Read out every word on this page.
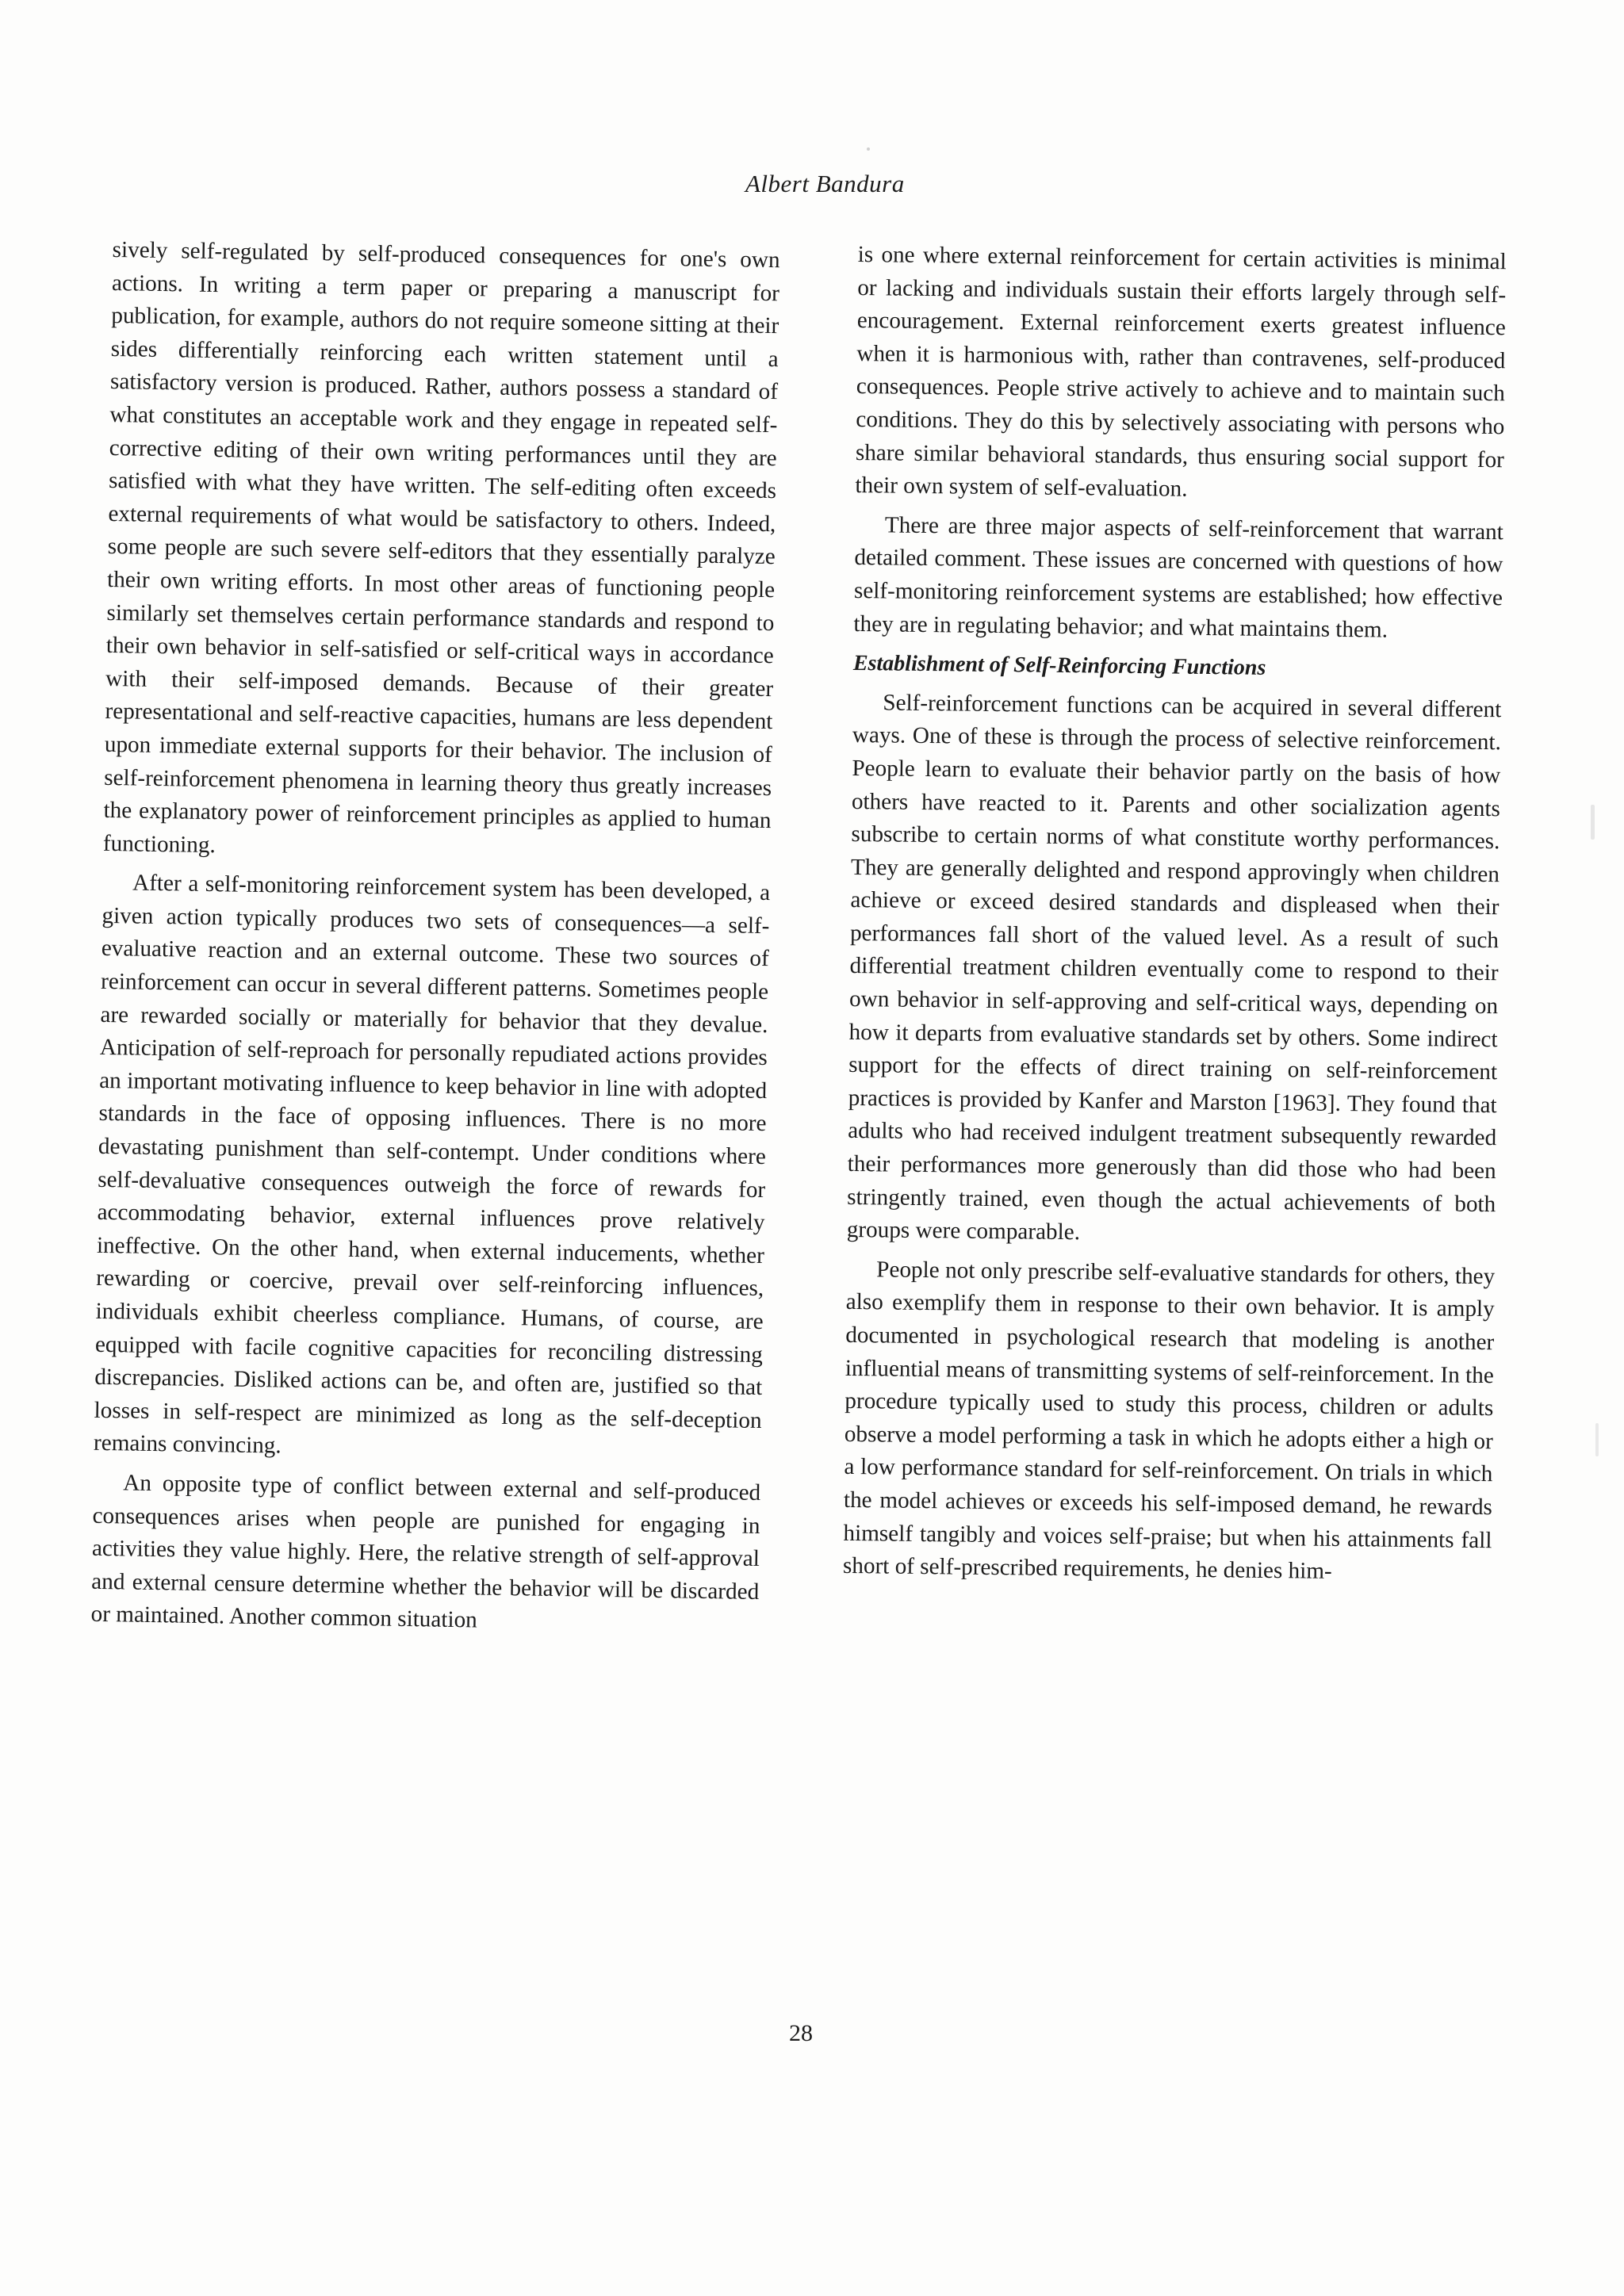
Albert Bandura

sively self-regulated by self-produced consequences for one's own actions. In writing a term paper or preparing a manuscript for publication, for example, authors do not require someone sitting at their sides differentially reinforcing each written statement until a satisfactory version is produced. Rather, authors possess a standard of what constitutes an acceptable work and they engage in repeated self-corrective editing of their own writing performances until they are satisfied with what they have written. The self-editing often exceeds external requirements of what would be satisfactory to others. Indeed, some people are such severe self-editors that they essentially paralyze their own writing efforts. In most other areas of functioning people similarly set themselves certain performance standards and respond to their own behavior in self-satisfied or self-critical ways in accordance with their self-imposed demands. Because of their greater representational and self-reactive capacities, humans are less dependent upon immediate external supports for their behavior. The inclusion of self-reinforcement phenomena in learning theory thus greatly increases the explanatory power of reinforcement principles as applied to human functioning.

After a self-monitoring reinforcement system has been developed, a given action typically produces two sets of consequences—a self-evaluative reaction and an external outcome. These two sources of reinforcement can occur in several different patterns. Sometimes people are rewarded socially or materially for behavior that they devalue. Anticipation of self-reproach for personally repudiated actions provides an important motivating influence to keep behavior in line with adopted standards in the face of opposing influences. There is no more devastating punishment than self-contempt. Under conditions where self-devaluative consequences outweigh the force of rewards for accommodating behavior, external influences prove relatively ineffective. On the other hand, when external inducements, whether rewarding or coercive, prevail over self-reinforcing influences, individuals exhibit cheerless compliance. Humans, of course, are equipped with facile cognitive capacities for reconciling distressing discrepancies. Disliked actions can be, and often are, justified so that losses in self-respect are minimized as long as the self-deception remains convincing.

An opposite type of conflict between external and self-produced consequences arises when people are punished for engaging in activities they value highly. Here, the relative strength of self-approval and external censure determine whether the behavior will be discarded or maintained. Another common situation

is one where external reinforcement for certain activities is minimal or lacking and individuals sustain their efforts largely through self-encouragement. External reinforcement exerts greatest influence when it is harmonious with, rather than contravenes, self-produced consequences. People strive actively to achieve and to maintain such conditions. They do this by selectively associating with persons who share similar behavioral standards, thus ensuring social support for their own system of self-evaluation.

There are three major aspects of self-reinforcement that warrant detailed comment. These issues are concerned with questions of how self-monitoring reinforcement systems are established; how effective they are in regulating behavior; and what maintains them.

Establishment of Self-Reinforcing Functions

Self-reinforcement functions can be acquired in several different ways. One of these is through the process of selective reinforcement. People learn to evaluate their behavior partly on the basis of how others have reacted to it. Parents and other socialization agents subscribe to certain norms of what constitute worthy performances. They are generally delighted and respond approvingly when children achieve or exceed desired standards and displeased when their performances fall short of the valued level. As a result of such differential treatment children eventually come to respond to their own behavior in self-approving and self-critical ways, depending on how it departs from evaluative standards set by others. Some indirect support for the effects of direct training on self-reinforcement practices is provided by Kanfer and Marston [1963]. They found that adults who had received indulgent treatment subsequently rewarded their performances more generously than did those who had been stringently trained, even though the actual achievements of both groups were comparable.

People not only prescribe self-evaluative standards for others, they also exemplify them in response to their own behavior. It is amply documented in psychological research that modeling is another influential means of transmitting systems of self-reinforcement. In the procedure typically used to study this process, children or adults observe a model performing a task in which he adopts either a high or a low performance standard for self-reinforcement. On trials in which the model achieves or exceeds his self-imposed demand, he rewards himself tangibly and voices self-praise; but when his attainments fall short of self-prescribed requirements, he denies him-

28
